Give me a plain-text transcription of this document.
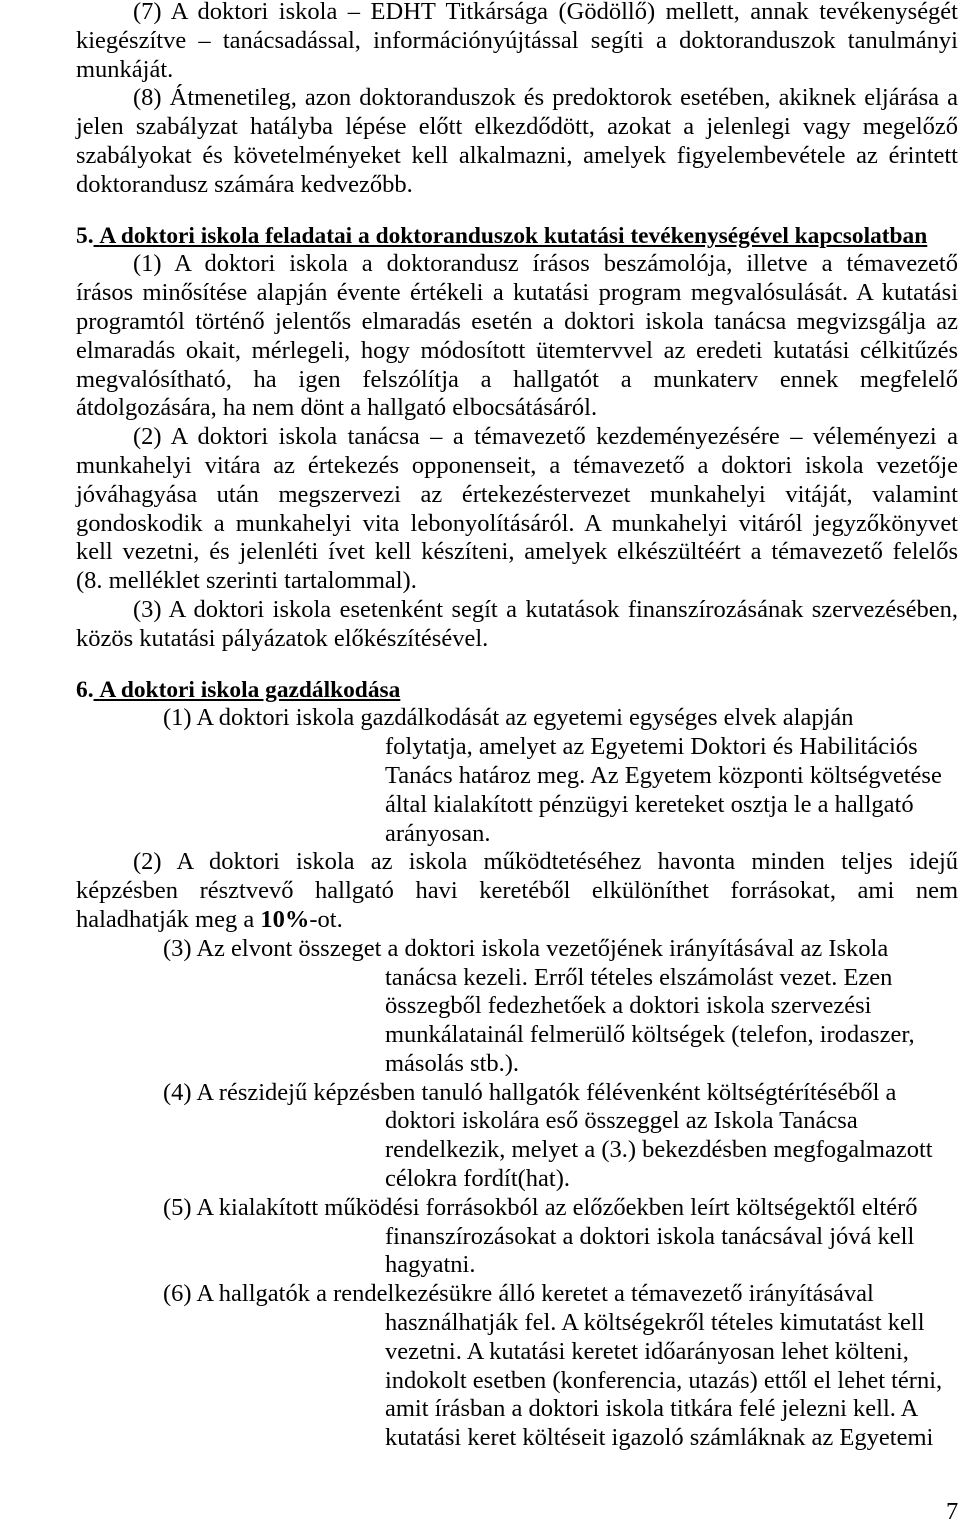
(7) A doktori iskola – EDHT Titkársága (Gödöllő) mellett, annak tevékenységét
kiegészítve – tanácsadással, információnyújtással segíti a doktoranduszok tanulmányi
munkáját.
(8) Átmenetileg, azon doktoranduszok és predoktorok esetében, akiknek eljárása a
jelen szabályzat hatályba lépése előtt elkezdődött, azokat a jelenlegi vagy megelőző
szabályokat és követelményeket kell alkalmazni, amelyek figyelembevétele az érintett
doktorandusz számára kedvezőbb.
5. A doktori iskola feladatai a doktoranduszok kutatási tevékenységével kapcsolatban
(1) A doktori iskola a doktorandusz írásos beszámolója, illetve a témavezető
írásos minősítése alapján évente értékeli a kutatási program megvalósulását. A kutatási
programtól történő jelentős elmaradás esetén a doktori iskola tanácsa megvizsgálja az
elmaradás okait, mérlegeli, hogy módosított ütemtervvel az eredeti kutatási célkitűzés
megvalósítható, ha igen felszólítja a hallgatót a munkaterv ennek megfelelő
átdolgozására, ha nem dönt a hallgató elbocsátásáról.
(2) A doktori iskola tanácsa – a témavezető kezdeményezésére – véleményezi a
munkahelyi vitára az értekezés opponenseit, a témavezető a doktori iskola vezetője
jóváhagyása után megszervezi az értekezéstervezet munkahelyi vitáját, valamint
gondoskodik a munkahelyi vita lebonyolításáról. A munkahelyi vitáról jegyzőkönyvet
kell vezetni, és jelenléti ívet kell készíteni, amelyek elkészültéért a témavezető felelős
(8. melléklet szerinti tartalommal).
(3) A doktori iskola esetenként segít a kutatások finanszírozásának szervezésében,
közös kutatási pályázatok előkészítésével.
6. A doktori iskola gazdálkodása
(1) A doktori iskola gazdálkodását az egyetemi egységes elvek alapján
folytatja, amelyet az Egyetemi Doktori és Habilitációs
Tanács határoz meg. Az Egyetem központi költségvetése
által kialakított pénzügyi kereteket osztja le a hallgató
arányosan.
(2) A doktori iskola az iskola működtetéséhez havonta minden teljes idejű
képzésben résztvevő hallgató havi keretéből elkülöníthet forrásokat, ami nem
haladhatják meg a 10%-ot.
(3) Az elvont összeget a doktori iskola vezetőjének irányításával az Iskola
tanácsa kezeli. Erről tételes elszámolást vezet. Ezen
összegből fedezhetőek a doktori iskola szervezési
munkálatainál felmerülő költségek (telefon, irodaszer,
másolás stb.).
(4) A részidejű képzésben tanuló hallgatók félévenként költségtérítéséből a
doktori iskolára eső összeggel az Iskola Tanácsa
rendelkezik, melyet a (3.) bekezdésben megfogalmazott
célokra fordít(hat).
(5) A kialakított működési forrásokból az előzőekben leírt költségektől eltérő
finanszírozásokat a doktori iskola tanácsával jóvá kell
hagyatni.
(6) A hallgatók a rendelkezésükre álló keretet a témavezető irányításával
használhatják fel. A költségekről tételes kimutatást kell
vezetni. A kutatási keretet időarányosan lehet költeni,
indokolt esetben (konferencia, utazás) ettől el lehet térni,
amit írásban a doktori iskola titkára felé jelezni kell. A
kutatási keret költéseit igazoló számláknak az Egyetemi
7
